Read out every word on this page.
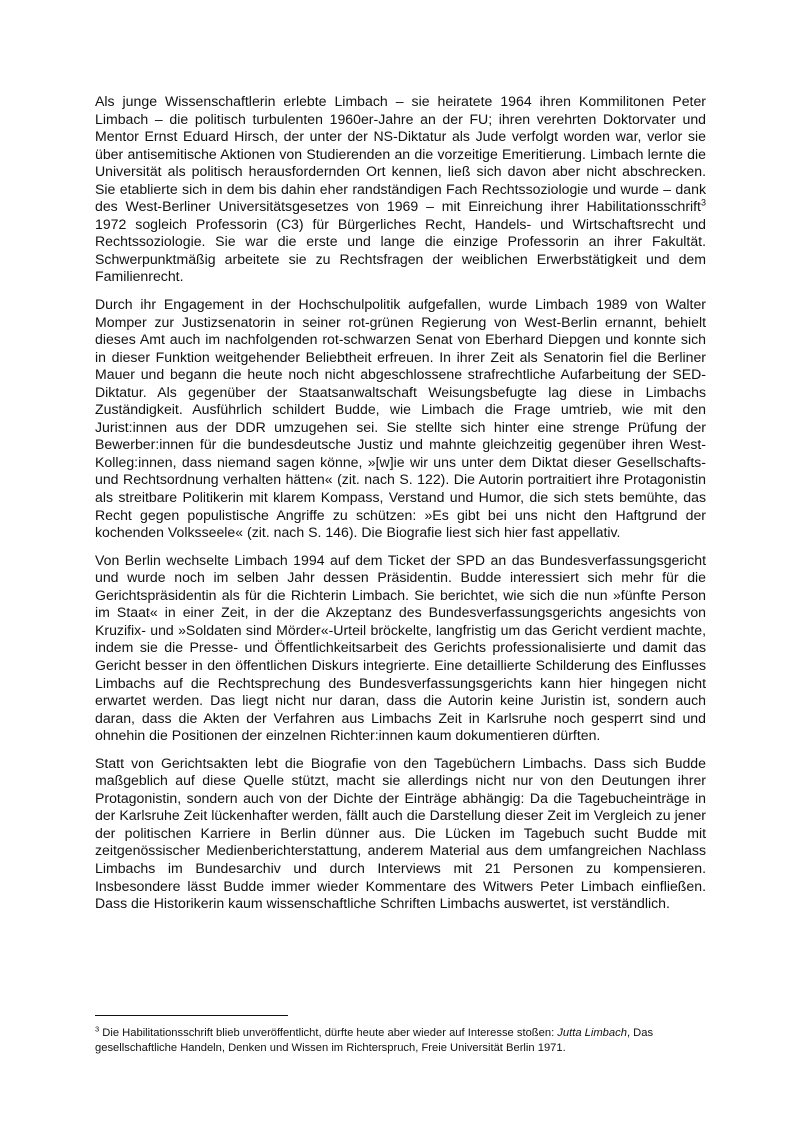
Als junge Wissenschaftlerin erlebte Limbach – sie heiratete 1964 ihren Kommilitonen Peter Limbach – die politisch turbulenten 1960er-Jahre an der FU; ihren verehrten Doktorvater und Mentor Ernst Eduard Hirsch, der unter der NS-Diktatur als Jude verfolgt worden war, verlor sie über antisemitische Aktionen von Studierenden an die vorzeitige Emeritierung. Limbach lernte die Universität als politisch herausfordernden Ort kennen, ließ sich davon aber nicht abschrecken. Sie etablierte sich in dem bis dahin eher randständigen Fach Rechtssoziologie und wurde – dank des West-Berliner Universitätsgesetzes von 1969 – mit Einreichung ihrer Habilitationsschrift$^3$ 1972 sogleich Professorin (C3) für Bürgerliches Recht, Handels- und Wirtschaftsrecht und Rechtssoziologie. Sie war die erste und lange die einzige Professorin an ihrer Fakultät. Schwerpunktmäßig arbeitete sie zu Rechtsfragen der weiblichen Erwerbstätigkeit und dem Familienrecht.

Durch ihr Engagement in der Hochschulpolitik aufgefallen, wurde Limbach 1989 von Walter Momper zur Justizsenatorin in seiner rot-grünen Regierung von West-Berlin ernannt, behielt dieses Amt auch im nachfolgenden rot-schwarzen Senat von Eberhard Diepgen und konnte sich in dieser Funktion weitgehender Beliebtheit erfreuen. In ihrer Zeit als Senatorin fiel die Berliner Mauer und begann die heute noch nicht abgeschlossene strafrechtliche Aufarbeitung der SED-Diktatur. Als gegenüber der Staatsanwaltschaft Weisungsbefugte lag diese in Limbachs Zuständigkeit. Ausführlich schildert Budde, wie Limbach die Frage umtrieb, wie mit den Jurist:innen aus der DDR umzugehen sei. Sie stellte sich hinter eine strenge Prüfung der Bewerber:innen für die bundesdeutsche Justiz und mahnte gleichzeitig gegenüber ihren West-Kolleg:innen, dass niemand sagen könne, »[w]ie wir uns unter dem Diktat dieser Gesellschafts- und Rechtsordnung verhalten hätten« (zit. nach S. 122). Die Autorin portraitiert ihre Protagonistin als streitbare Politikerin mit klarem Kompass, Verstand und Humor, die sich stets bemühte, das Recht gegen populistische Angriffe zu schützen: »Es gibt bei uns nicht den Haftgrund der kochenden Volksseele« (zit. nach S. 146). Die Biografie liest sich hier fast appellativ.

Von Berlin wechselte Limbach 1994 auf dem Ticket der SPD an das Bundesverfassungsgericht und wurde noch im selben Jahr dessen Präsidentin. Budde interessiert sich mehr für die Gerichtspräsidentin als für die Richterin Limbach. Sie berichtet, wie sich die nun »fünfte Person im Staat« in einer Zeit, in der die Akzeptanz des Bundesverfassungsgerichts angesichts von Kruzifix- und »Soldaten sind Mörder«-Urteil bröckelte, langfristig um das Gericht verdient machte, indem sie die Presse- und Öffentlichkeitsarbeit des Gerichts professionalisierte und damit das Gericht besser in den öffentlichen Diskurs integrierte. Eine detaillierte Schilderung des Einflusses Limbachs auf die Rechtsprechung des Bundesverfassungsgerichts kann hier hingegen nicht erwartet werden. Das liegt nicht nur daran, dass die Autorin keine Juristin ist, sondern auch daran, dass die Akten der Verfahren aus Limbachs Zeit in Karlsruhe noch gesperrt sind und ohnehin die Positionen der einzelnen Richter:innen kaum dokumentieren dürften.

Statt von Gerichtsakten lebt die Biografie von den Tagebüchern Limbachs. Dass sich Budde maßgeblich auf diese Quelle stützt, macht sie allerdings nicht nur von den Deutungen ihrer Protagonistin, sondern auch von der Dichte der Einträge abhängig: Da die Tagebucheinträge in der Karlsruhe Zeit lückenhafter werden, fällt auch die Darstellung dieser Zeit im Vergleich zu jener der politischen Karriere in Berlin dünner aus. Die Lücken im Tagebuch sucht Budde mit zeitgenössischer Medienberichterstattung, anderem Material aus dem umfangreichen Nachlass Limbachs im Bundesarchiv und durch Interviews mit 21 Personen zu kompensieren. Insbesondere lässt Budde immer wieder Kommentare des Witwers Peter Limbach einfließen. Dass die Historikerin kaum wissenschaftliche Schriften Limbachs auswertet, ist verständlich.

$^3$ Die Habilitationsschrift blieb unveröffentlicht, dürfte heute aber wieder auf Interesse stoßen: Jutta Limbach, Das gesellschaftliche Handeln, Denken und Wissen im Richterspruch, Freie Universität Berlin 1971.
